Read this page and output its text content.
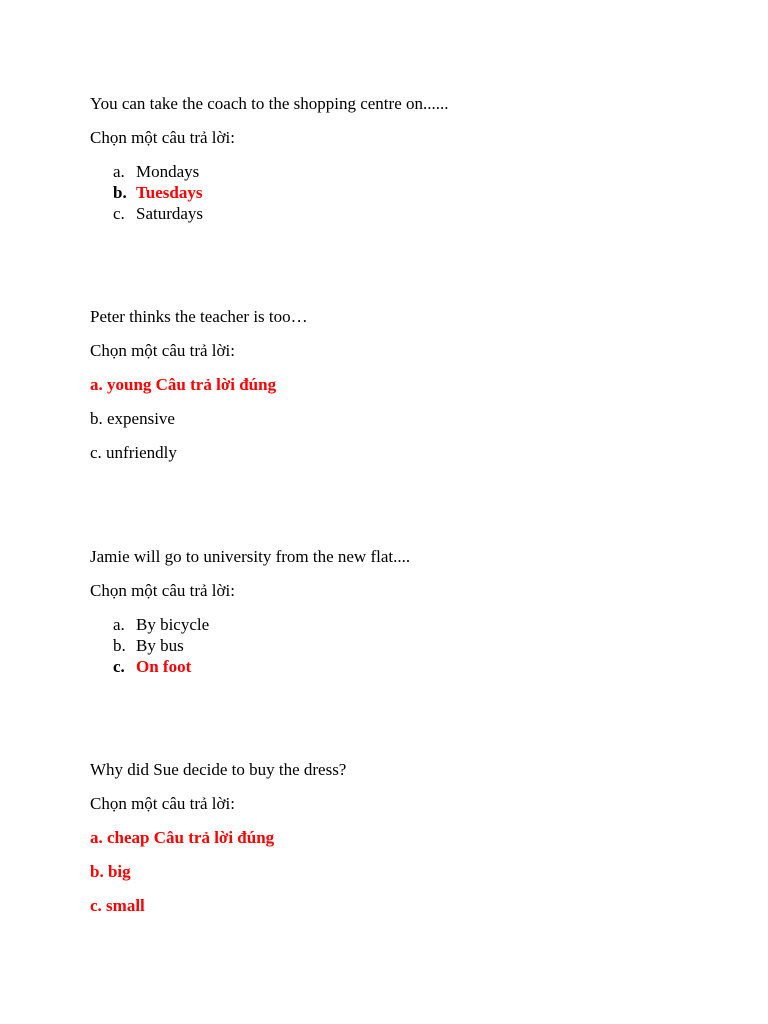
You can take the coach to the shopping centre on......
Chọn một câu trả lời:
a. Mondays
b. Tuesdays
c. Saturdays
Peter thinks the teacher is too…
Chọn một câu trả lời:
a. young Câu trả lời đúng
b. expensive
c. unfriendly
Jamie will go to university from the new flat....
Chọn một câu trả lời:
a. By bicycle
b. By bus
c. On foot
Why did Sue decide to buy the dress?
Chọn một câu trả lời:
a. cheap Câu trả lời đúng
b. big
c. small
